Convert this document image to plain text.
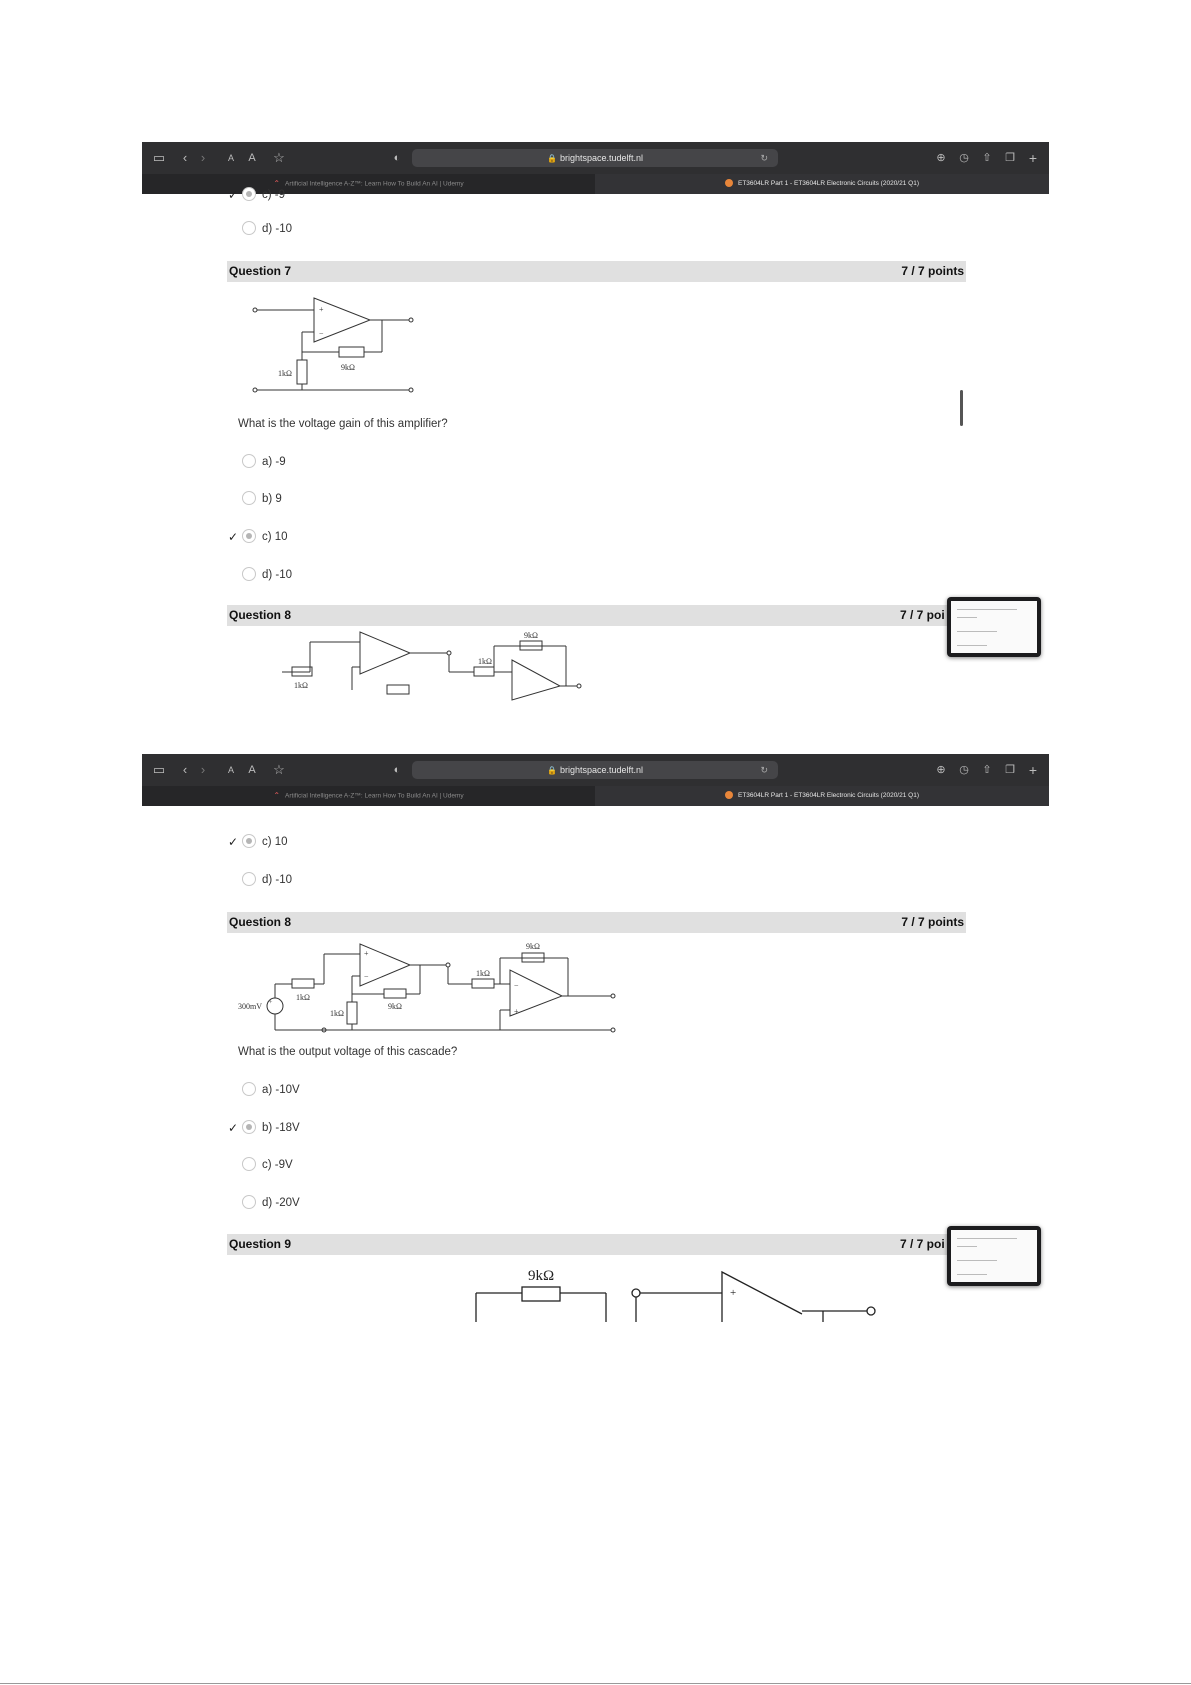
▭	‹	›	A	A	☆	◐	🔒 brightspace.tudelft.nl	↻	⊕	◷	⇧	❐ +
⌃ Artificial Intelligence A-Z™: Learn How To Build An AI | Udemy	ET3604LR Part 1 - ET3604LR Electronic Circuits (2020/21 Q1)
✓ c) -9
d) -10
Question 7	7 / 7 points
+
−
9kΩ
1kΩ
What is the voltage gain of this amplifier?
a) -9
b) 9
✓ c) 10
d) -10
Question 8	7 / 7 poi
9kΩ
1kΩ
1kΩ
▭	‹	›	A	A	☆	◐	🔒 brightspace.tudelft.nl	↻	⊕	◷	⇧	❐ +
⌃ Artificial Intelligence A-Z™: Learn How To Build An AI | Udemy	ET3604LR Part 1 - ET3604LR Electronic Circuits (2020/21 Q1)
✓ c) 10
d) -10
Question 8	7 / 7 points
+
300mV
1kΩ
+
−
9kΩ
1kΩ
1kΩ
9kΩ
−
+
What is the output voltage of this cascade?
a) -10V
✓ b) -18V
c) -9V
d) -20V
Question 9	7 / 7 poi
9kΩ
+
